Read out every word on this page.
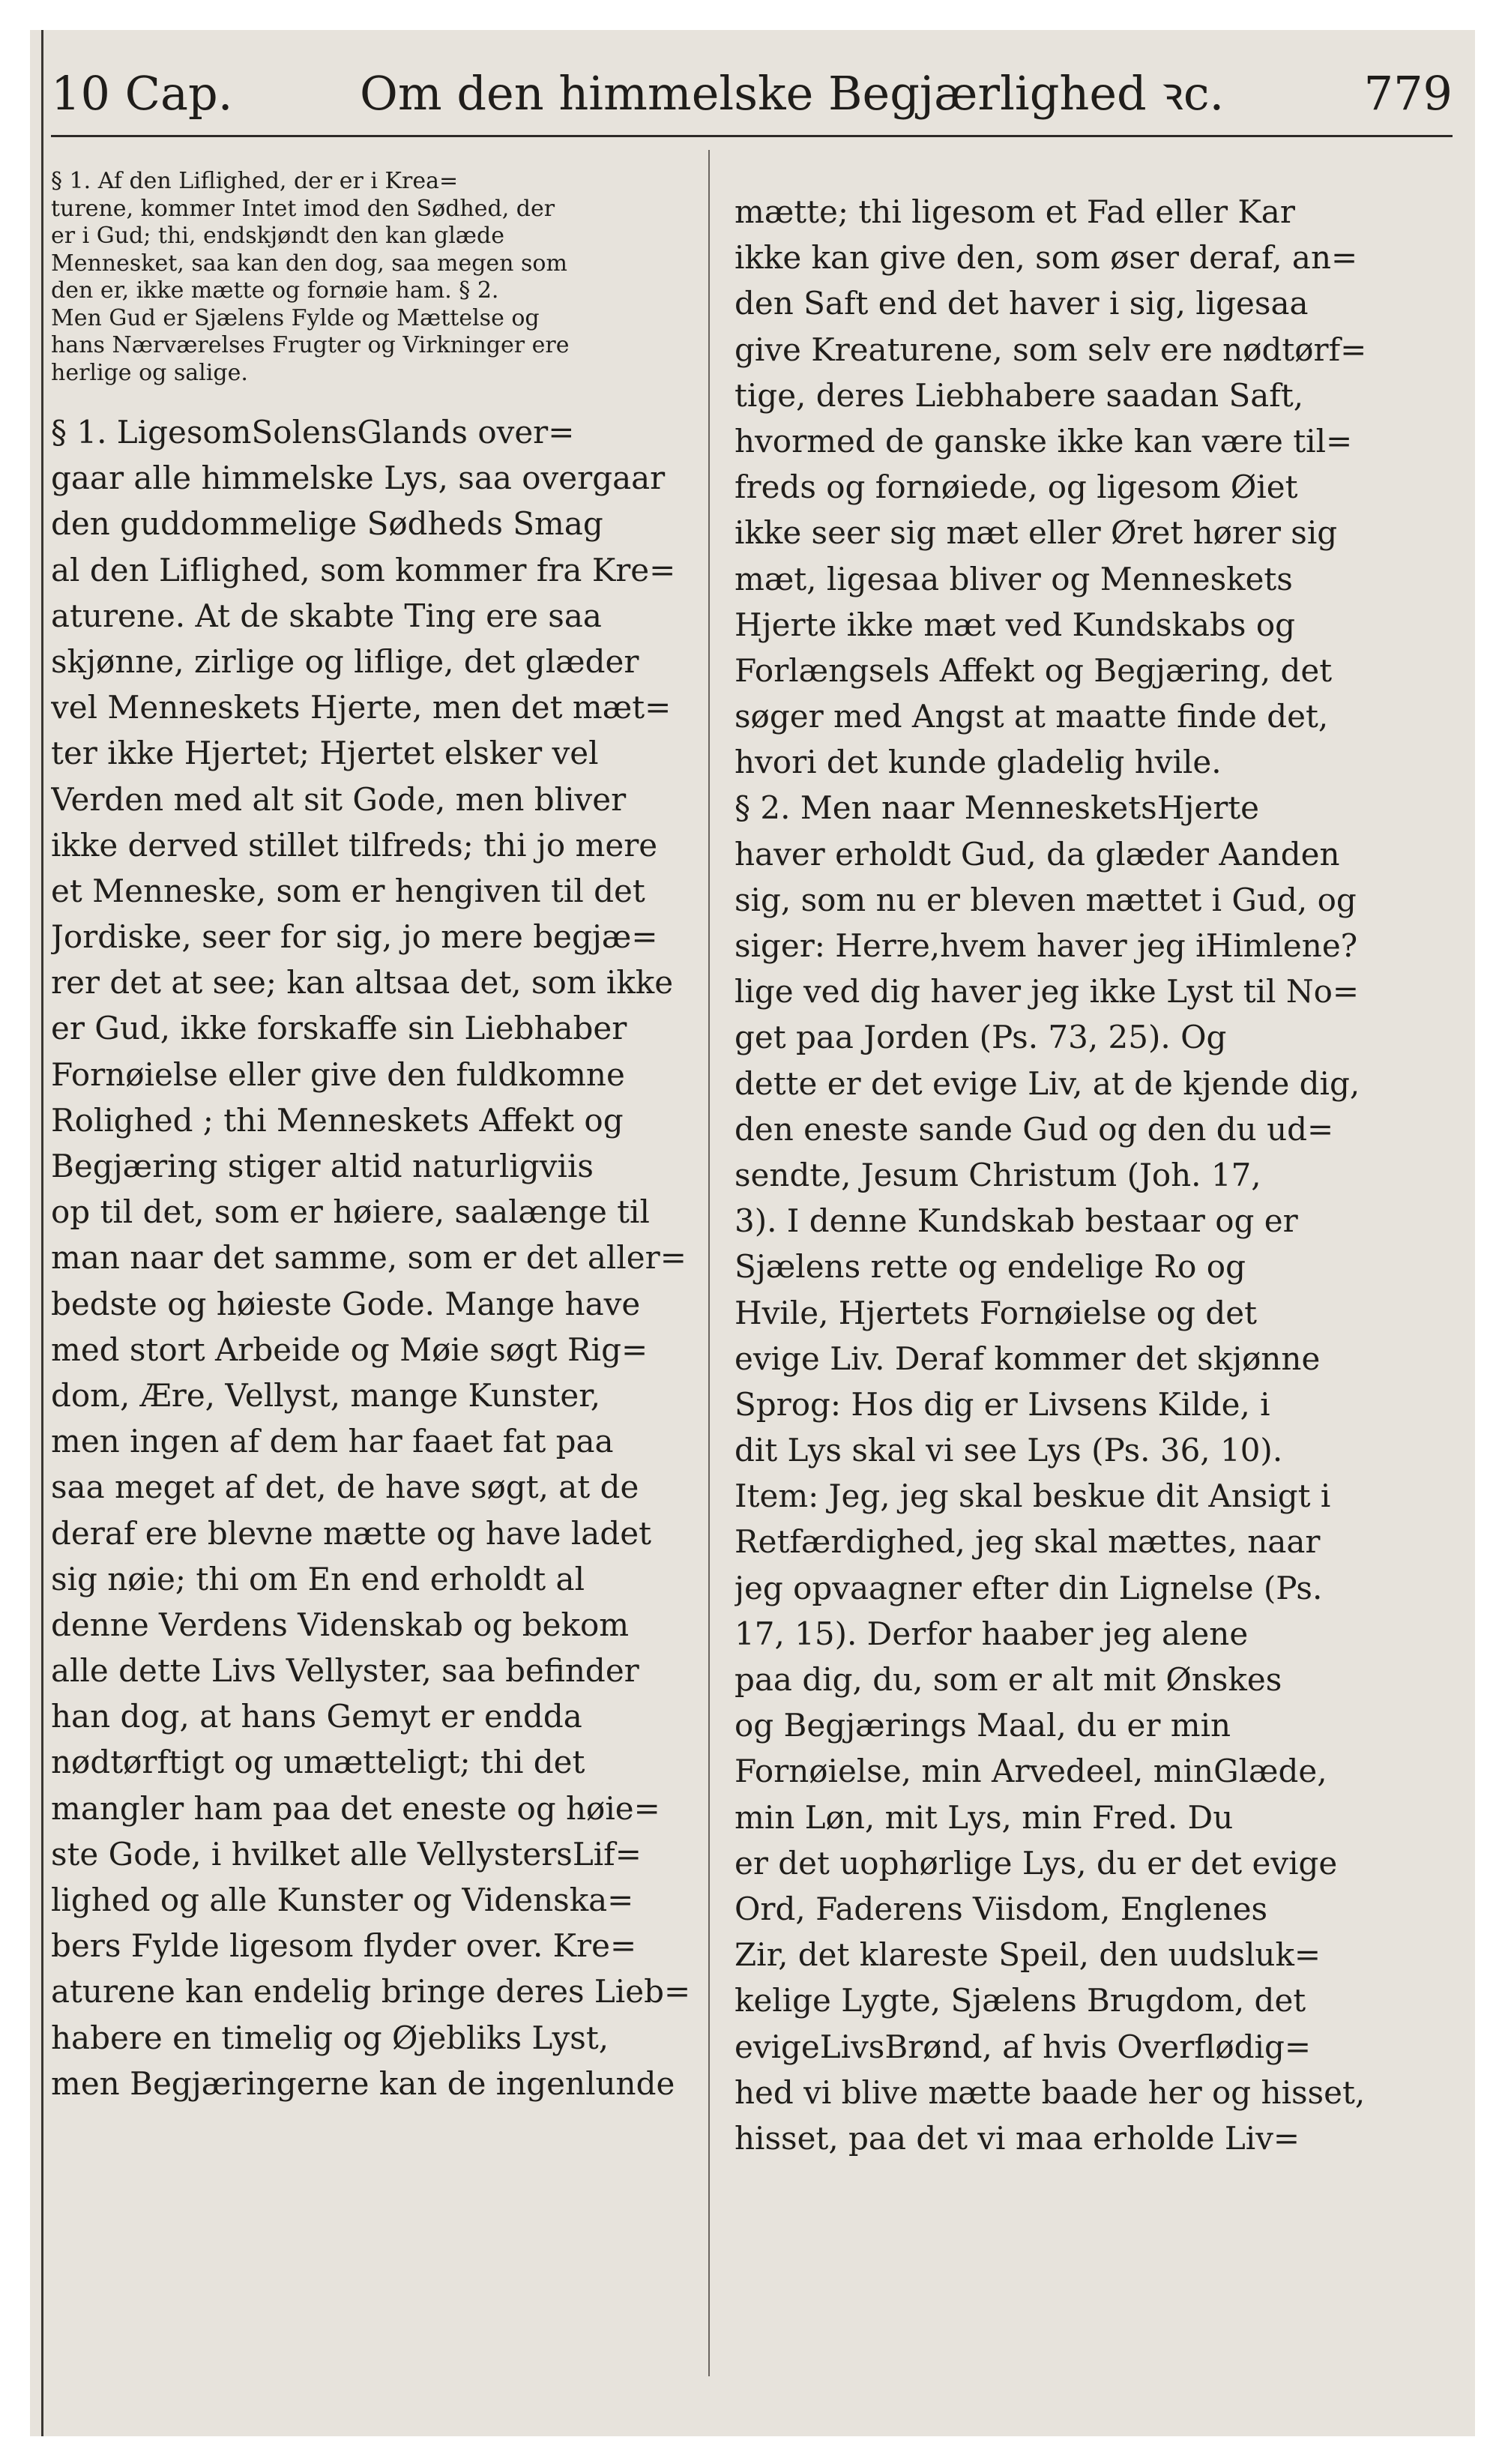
10 Cap.	Om den himmelske Begjærlighed ꝛc.	779
§ 1. Af den Liflighed, der er i Krea=
turene, kommer Intet imod den Sødhed, der
er i Gud; thi, endskjøndt den kan glæde
Mennesket, saa kan den dog, saa megen som
den er, ikke mætte og fornøie ham. § 2.
Men Gud er Sjælens Fylde og Mættelse og
hans Nærværelses Frugter og Virkninger ere
herlige og salige.
§ 1. LigesomSolensGlands over=
gaar alle himmelske Lys, saa overgaar
den guddommelige Sødheds Smag
al den Liflighed, som kommer fra Kre=
aturene. At de skabte Ting ere saa
skjønne, zirlige og liflige, det glæder
vel Menneskets Hjerte, men det mæt=
ter ikke Hjertet; Hjertet elsker vel
Verden med alt sit Gode, men bliver
ikke derved stillet tilfreds; thi jo mere
et Menneske, som er hengiven til det
Jordiske, seer for sig, jo mere begjæ=
rer det at see; kan altsaa det, som ikke
er Gud, ikke forskaffe sin Liebhaber
Fornøielse eller give den fuldkomne
Rolighed ; thi Menneskets Affekt og
Begjæring stiger altid naturligviis
op til det, som er høiere, saalænge til
man naar det samme, som er det aller=
bedste og høieste Gode. Mange have
med stort Arbeide og Møie søgt Rig=
dom, Ære, Vellyst, mange Kunster,
men ingen af dem har faaet fat paa
saa meget af det, de have søgt, at de
deraf ere blevne mætte og have ladet
sig nøie; thi om En end erholdt al
denne Verdens Videnskab og bekom
alle dette Livs Vellyster, saa befinder
han dog, at hans Gemyt er endda
nødtørftigt og umætteligt; thi det
mangler ham paa det eneste og høie=
ste Gode, i hvilket alle VellystersLif=
lighed og alle Kunster og Videnska=
bers Fylde ligesom flyder over. Kre=
aturene kan endelig bringe deres Lieb=
habere en timelig og Øjebliks Lyst,
men Begjæringerne kan de ingenlunde
mætte; thi ligesom et Fad eller Kar
ikke kan give den, som øser deraf, an=
den Saft end det haver i sig, ligesaa
give Kreaturene, som selv ere nødtørf=
tige, deres Liebhabere saadan Saft,
hvormed de ganske ikke kan være til=
freds og fornøiede, og ligesom Øiet
ikke seer sig mæt eller Øret hører sig
mæt, ligesaa bliver og Menneskets
Hjerte ikke mæt ved Kundskabs og
Forlængsels Affekt og Begjæring, det
søger med Angst at maatte finde det,
hvori det kunde gladelig hvile.
§ 2. Men naar MennesketsHjerte
haver erholdt Gud, da glæder Aanden
sig, som nu er bleven mættet i Gud, og
siger: Herre,hvem haver jeg iHimlene?
lige ved dig haver jeg ikke Lyst til No=
get paa Jorden (Ps. 73, 25). Og
dette er det evige Liv, at de kjende dig,
den eneste sande Gud og den du ud=
sendte, Jesum Christum (Joh. 17,
3). I denne Kundskab bestaar og er
Sjælens rette og endelige Ro og
Hvile, Hjertets Fornøielse og det
evige Liv. Deraf kommer det skjønne
Sprog: Hos dig er Livsens Kilde, i
dit Lys skal vi see Lys (Ps. 36, 10).
Item: Jeg, jeg skal beskue dit Ansigt i
Retfærdighed, jeg skal mættes, naar
jeg opvaagner efter din Lignelse (Ps.
17, 15). Derfor haaber jeg alene
paa dig, du, som er alt mit Ønskes
og Begjærings Maal, du er min
Fornøielse, min Arvedeel, minGlæde,
min Løn, mit Lys, min Fred. Du
er det uophørlige Lys, du er det evige
Ord, Faderens Viisdom, Englenes
Zir, det klareste Speil, den uudsluk=
kelige Lygte, Sjælens Brugdom, det
evigeLivsBrønd, af hvis Overflødig=
hed vi blive mætte baade her og hisset,
hisset, paa det vi maa erholde Liv=
